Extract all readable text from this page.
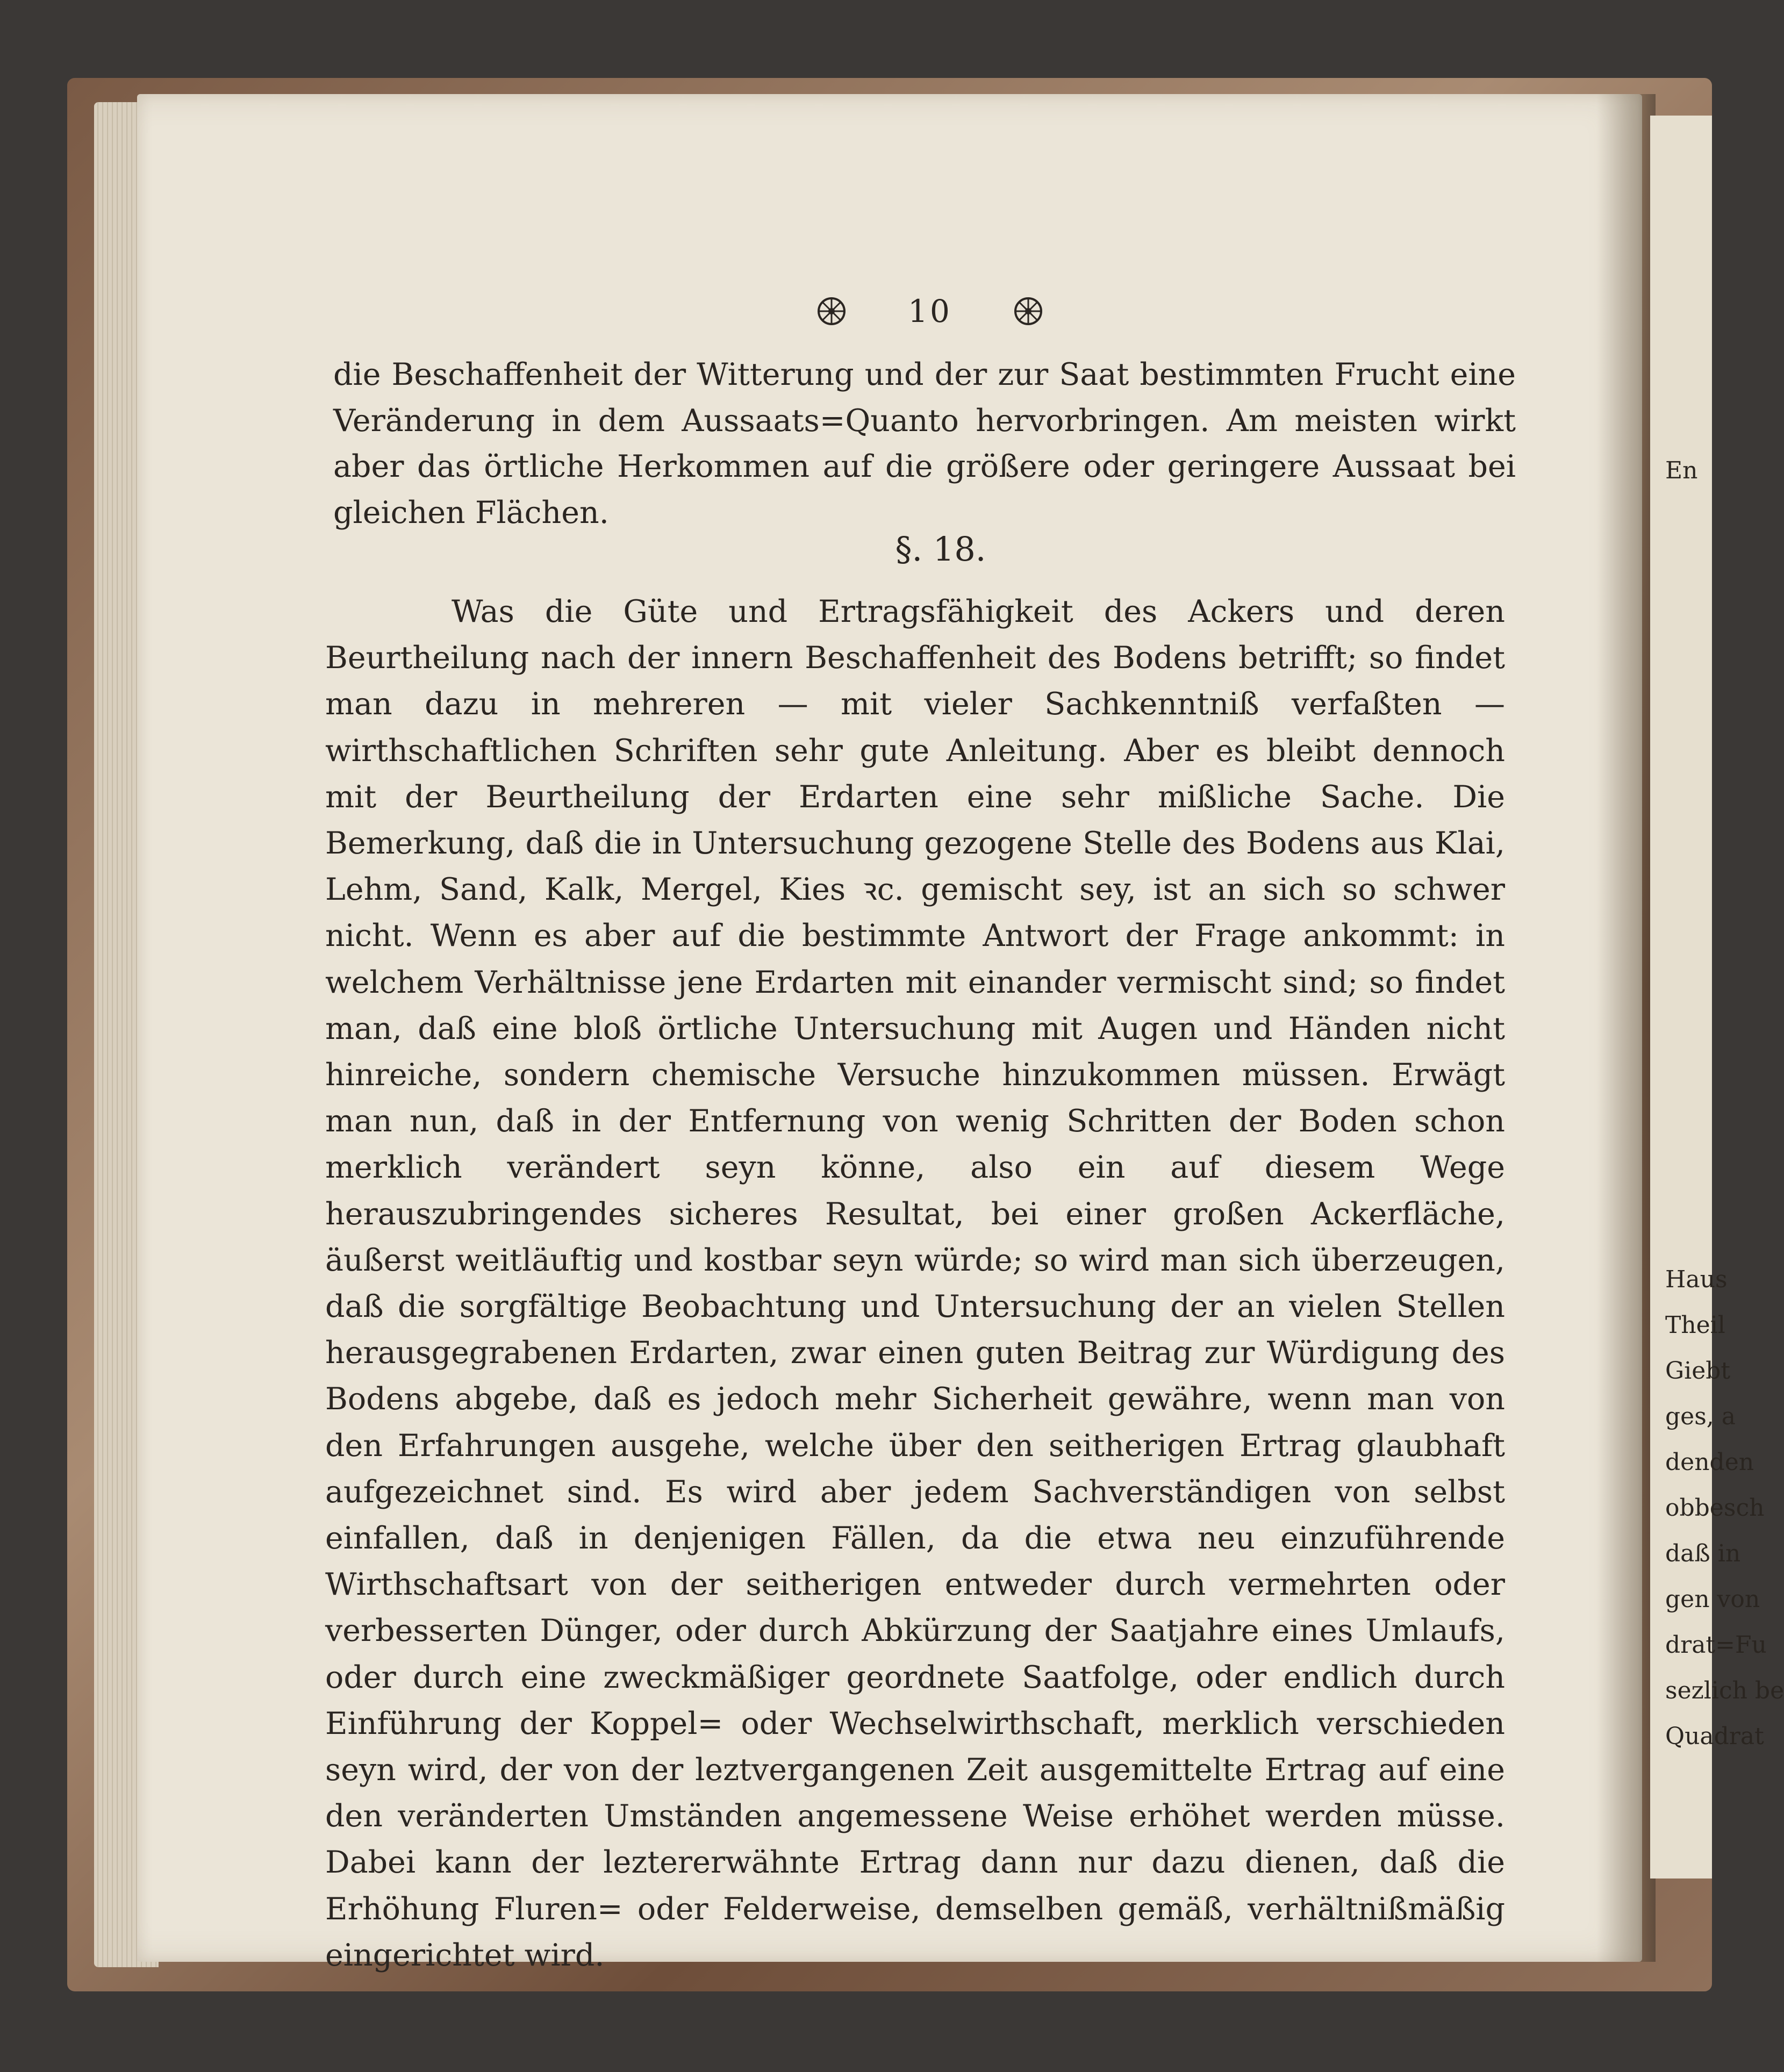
En
Haus
Theil
Giebt
ges, a
denden
obbesch
daß in
gen von
drat=Fu
sezlich be
Quadrat
10

die Beschaffenheit der Witterung und der zur Saat bestimmten Frucht eine Veränderung in dem Aussaats=Quanto hervorbringen. Am meisten wirkt aber das örtliche Herkommen auf die größere oder geringere Aussaat bei gleichen Flächen.

§. 18.

Was die Güte und Ertragsfähigkeit des Ackers und deren Beurtheilung nach der innern Beschaffenheit des Bodens betrifft; so findet man dazu in mehreren — mit vieler Sachkenntniß verfaßten — wirthschaftlichen Schriften sehr gute Anleitung. Aber es bleibt dennoch mit der Beurtheilung der Erdarten eine sehr mißliche Sache. Die Bemerkung, daß die in Untersuchung gezogene Stelle des Bodens aus Klai, Lehm, Sand, Kalk, Mergel, Kies ꝛc. gemischt sey, ist an sich so schwer nicht. Wenn es aber auf die bestimmte Antwort der Frage ankommt: in welchem Verhältnisse jene Erdarten mit einander vermischt sind; so findet man, daß eine bloß örtliche Untersuchung mit Augen und Händen nicht hinreiche, sondern chemische Versuche hinzukommen müssen. Erwägt man nun, daß in der Entfernung von wenig Schritten der Boden schon merklich verändert seyn könne, also ein auf diesem Wege herauszubringendes sicheres Resultat, bei einer großen Ackerfläche, äußerst weitläuftig und kostbar seyn würde; so wird man sich überzeugen, daß die sorgfältige Beobachtung und Untersuchung der an vielen Stellen herausgegrabenen Erdarten, zwar einen guten Beitrag zur Würdigung des Bodens abgebe, daß es jedoch mehr Sicherheit gewähre, wenn man von den Erfahrungen ausgehe, welche über den seitherigen Ertrag glaubhaft aufgezeichnet sind. Es wird aber jedem Sachverständigen von selbst einfallen, daß in denjenigen Fällen, da die etwa neu einzuführende Wirthschaftsart von der seitherigen entweder durch vermehrten oder verbesserten Dünger, oder durch Abkürzung der Saatjahre eines Umlaufs, oder durch eine zweckmäßiger geordnete Saatfolge, oder endlich durch Einführung der Koppel= oder Wechselwirthschaft, merklich verschieden seyn wird, der von der leztvergangenen Zeit ausgemittelte Ertrag auf eine den veränderten Umständen angemessene Weise erhöhet werden müsse. Dabei kann der leztererwähnte Ertrag dann nur dazu dienen, daß die Erhöhung Fluren= oder Felderweise, demselben gemäß, verhältnißmäßig eingerichtet wird.
